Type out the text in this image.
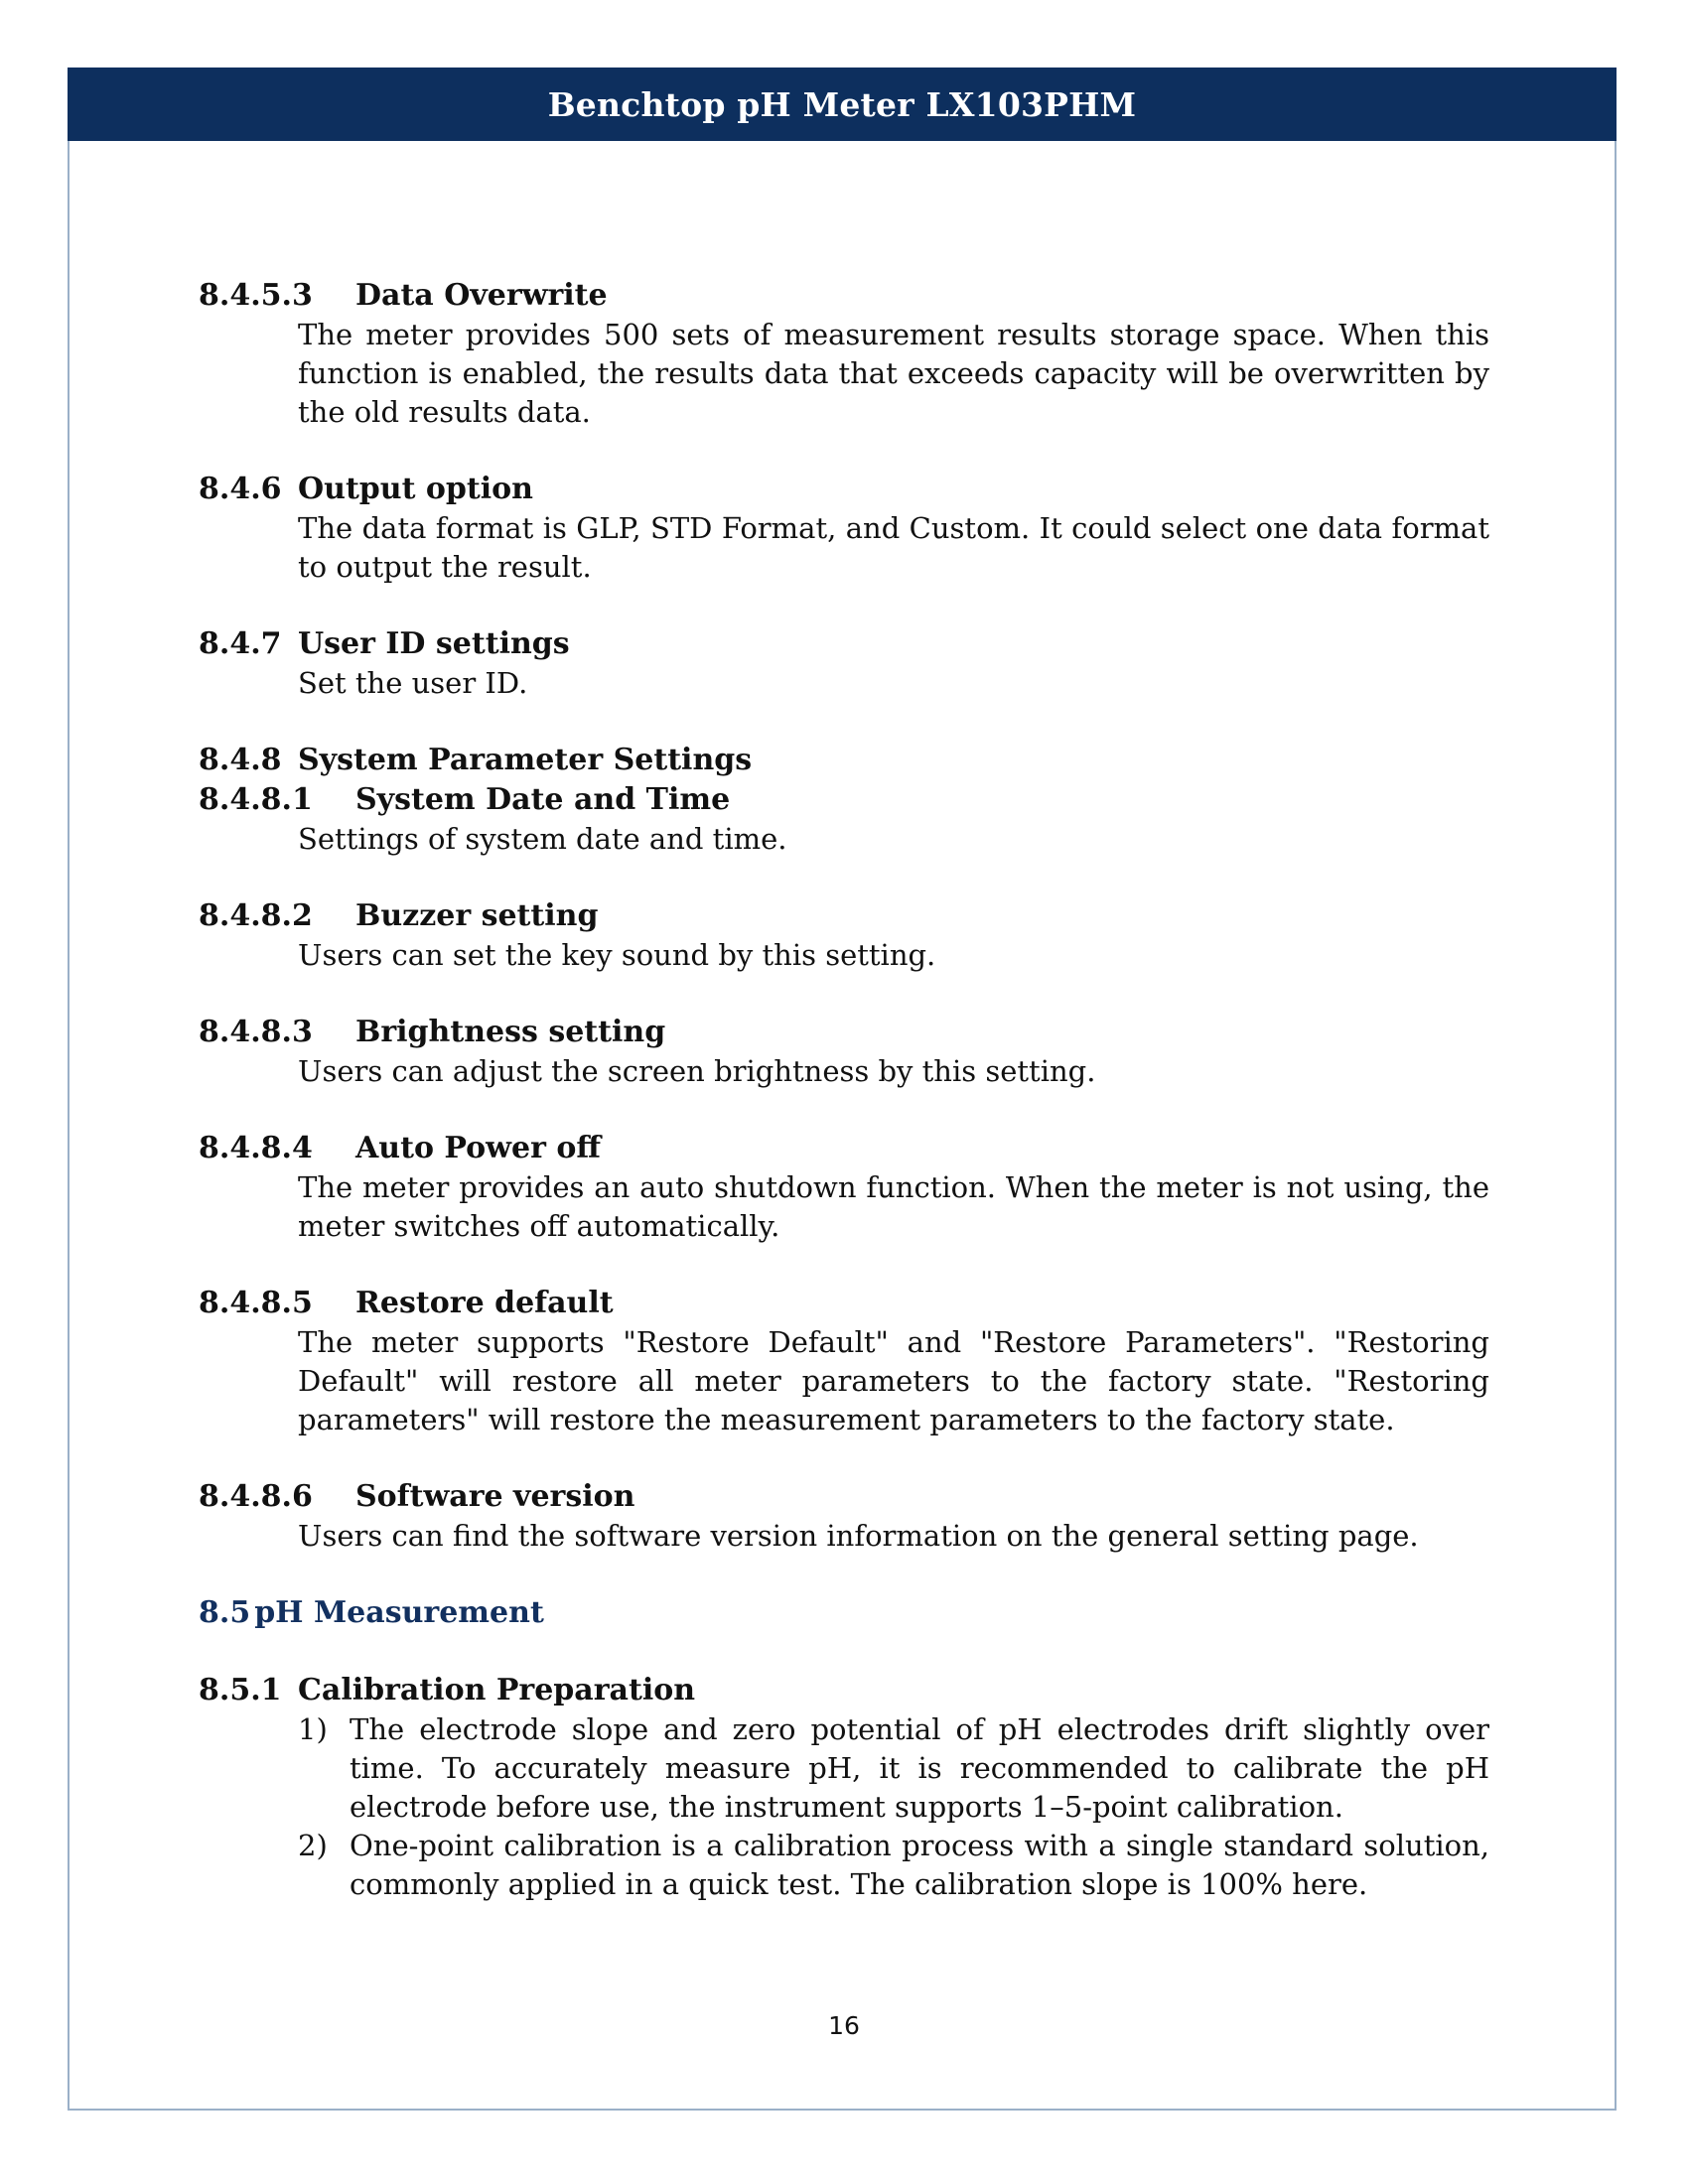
Benchtop pH Meter LX103PHM
8.4.5.3	Data Overwrite
The meter provides 500 sets of measurement results storage space. When this function is enabled, the results data that exceeds capacity will be overwritten by the old results data.
8.4.6 Output option
The data format is GLP, STD Format, and Custom. It could select one data format to output the result.
8.4.7 User ID settings
Set the user ID.
8.4.8 System Parameter Settings
8.4.8.1	System Date and Time
Settings of system date and time.
8.4.8.2	Buzzer setting
Users can set the key sound by this setting.
8.4.8.3	Brightness setting
Users can adjust the screen brightness by this setting.
8.4.8.4	Auto Power off
The meter provides an auto shutdown function. When the meter is not using, the meter switches off automatically.
8.4.8.5	Restore default
The meter supports "Restore Default" and "Restore Parameters". "Restoring Default" will restore all meter parameters to the factory state. "Restoring parameters" will restore the measurement parameters to the factory state.
8.4.8.6	Software version
Users can find the software version information on the general setting page.
8.5 pH Measurement
8.5.1 Calibration Preparation
1) The electrode slope and zero potential of pH electrodes drift slightly over time. To accurately measure pH, it is recommended to calibrate the pH electrode before use, the instrument supports 1–5-point calibration.
2) One-point calibration is a calibration process with a single standard solution, commonly applied in a quick test. The calibration slope is 100% here.
16
